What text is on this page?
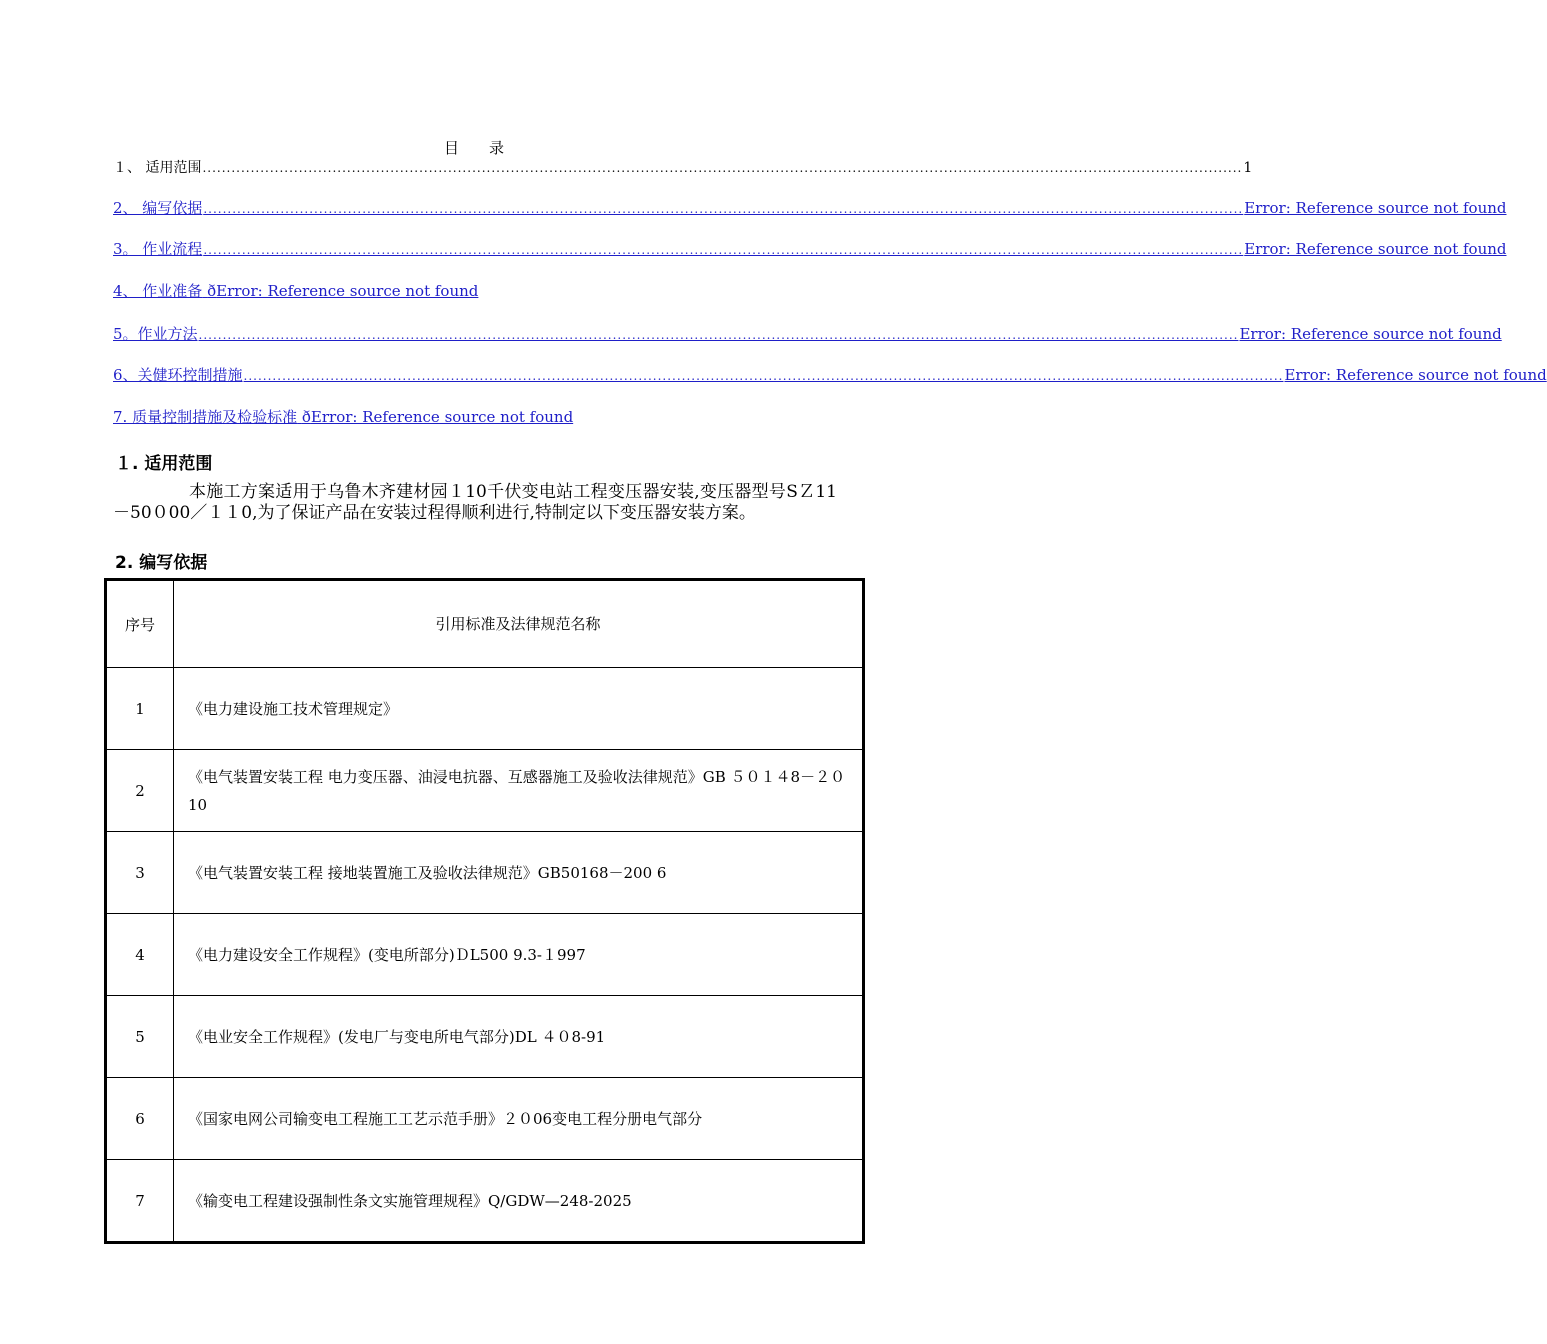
目 录
１、 适用范围 ........................................................................................................................................................................................................................ 1
2、 编写依据 ........................................................................................................................................................................................................................ Error: Reference source not found
3。 作业流程 ........................................................................................................................................................................................................................ Error: Reference source not found
4、 作业准备 ðError: Reference source not found
5。作业方法 ........................................................................................................................................................................................................................ Error: Reference source not found
6、关健环控制措施 ........................................................................................................................................................................................................................ Error: Reference source not found
7. 质量控制措施及检验标准 ðError: Reference source not found
１. 适用范围
本施工方案适用于乌鲁木齐建材园１10千伏变电站工程变压器安装,变压器型号SＺ11－50０00／１１0,为了保证产品在安装过程得顺利进行,特制定以下变压器安装方案。
2. 编写依据
序号	引用标准及法律规范名称
1	《电力建设施工技术管理规定》
2	《电气装置安装工程 电力变压器、油浸电抗器、互感器施工及验收法律规范》GB ５０１４8－２０10
3	《电气装置安装工程 接地装置施工及验收法律规范》GB50168－200 6
4	《电力建设安全工作规程》(变电所部分)ＤL500 9.3-１997
5	《电业安全工作规程》(发电厂与变电所电气部分)DL ４０8-91
6	《国家电网公司输变电工程施工工艺示范手册》２０06变电工程分册电气部分
7	《输变电工程建设强制性条文实施管理规程》Q/GDW—248-2025
